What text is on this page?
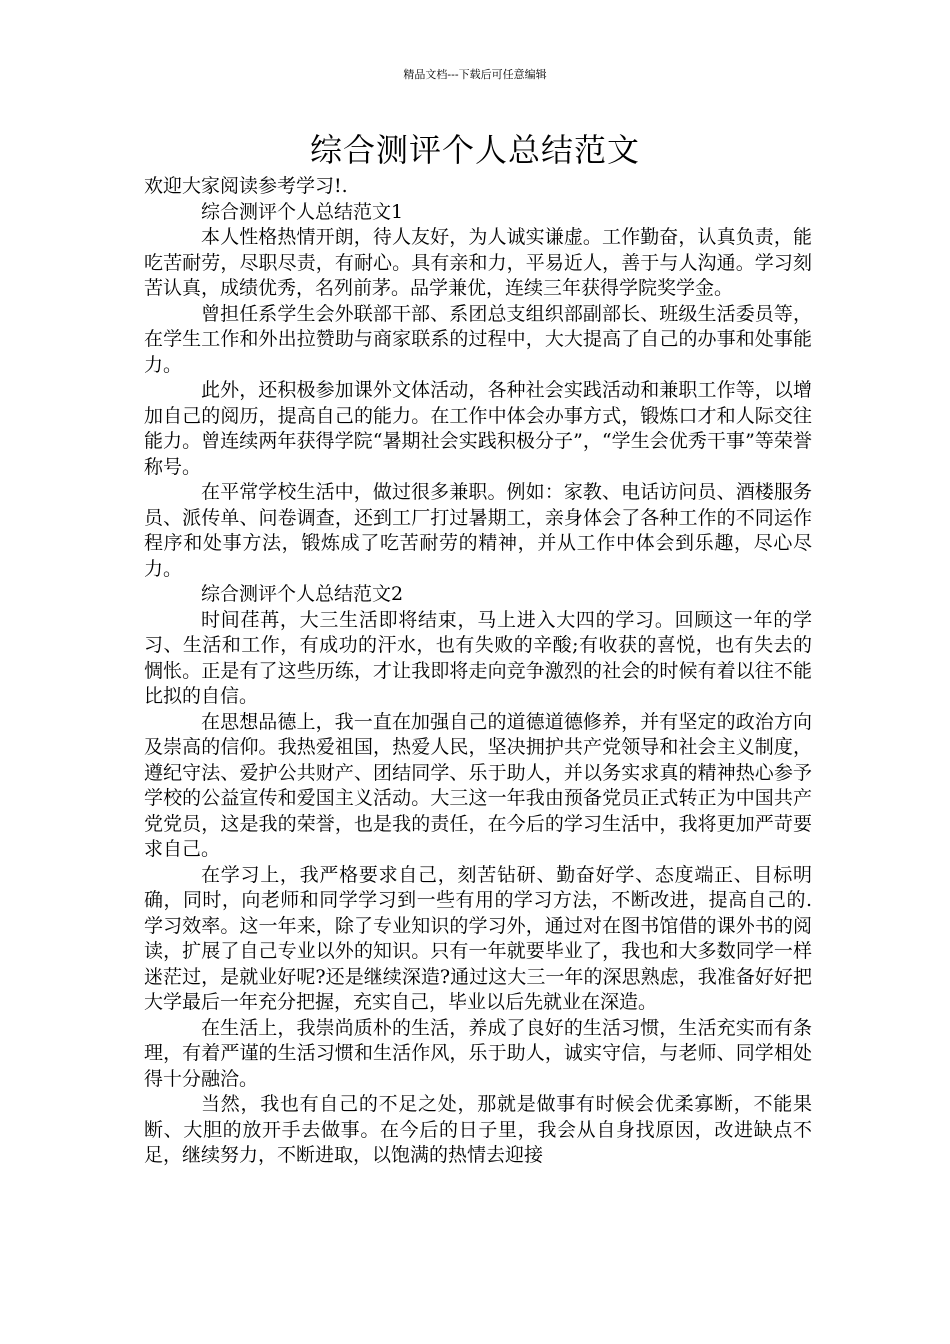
精品文档---下载后可任意编辑
综合测评个人总结范文

欢迎大家阅读参考学习!.

综合测评个人总结范文1

本人性格热情开朗，待人友好，为人诚实谦虚。工作勤奋，认真负责，能吃苦耐劳，尽职尽责，有耐心。具有亲和力，平易近人，善于与人沟通。学习刻苦认真，成绩优秀，名列前茅。品学兼优，连续三年获得学院奖学金。

曾担任系学生会外联部干部、系团总支组织部副部长、班级生活委员等，在学生工作和外出拉赞助与商家联系的过程中，大大提高了自己的办事和处事能力。

此外，还积极参加课外文体活动，各种社会实践活动和兼职工作等，以增加自己的阅历，提高自己的能力。在工作中体会办事方式，锻炼口才和人际交往能力。曾连续两年获得学院“暑期社会实践积极分子”，“学生会优秀干事”等荣誉称号。

在平常学校生活中，做过很多兼职。例如：家教、电话访问员、酒楼服务员、派传单、问卷调查，还到工厂打过暑期工，亲身体会了各种工作的不同运作程序和处事方法，锻炼成了吃苦耐劳的精神，并从工作中体会到乐趣，尽心尽力。

综合测评个人总结范文2

时间荏苒，大三生活即将结束，马上进入大四的学习。回顾这一年的学习、生活和工作，有成功的汗水，也有失败的辛酸;有收获的喜悦，也有失去的惆怅。正是有了这些历练，才让我即将走向竞争激烈的社会的时候有着以往不能比拟的自信。

在思想品德上，我一直在加强自己的道德道德修养，并有坚定的政治方向及崇高的信仰。我热爱祖国，热爱人民，坚决拥护共产党领导和社会主义制度，遵纪守法、爱护公共财产、团结同学、乐于助人，并以务实求真的精神热心参予学校的公益宣传和爱国主义活动。大三这一年我由预备党员正式转正为中国共产党党员，这是我的荣誉，也是我的责任，在今后的学习生活中，我将更加严苛要求自己。

在学习上，我严格要求自己，刻苦钻研、勤奋好学、态度端正、目标明确，同时，向老师和同学学习到一些有用的学习方法，不断改进，提高自己的.学习效率。这一年来，除了专业知识的学习外，通过对在图书馆借的课外书的阅读，扩展了自己专业以外的知识。只有一年就要毕业了，我也和大多数同学一样迷茫过，是就业好呢?还是继续深造?通过这大三一年的深思熟虑，我准备好好把大学最后一年充分把握，充实自己，毕业以后先就业在深造。

在生活上，我崇尚质朴的生活，养成了良好的生活习惯，生活充实而有条理，有着严谨的生活习惯和生活作风，乐于助人，诚实守信，与老师、同学相处得十分融洽。

当然，我也有自己的不足之处，那就是做事有时候会优柔寡断，不能果断、大胆的放开手去做事。在今后的日子里，我会从自身找原因，改进缺点不足，继续努力，不断进取，以饱满的热情去迎接
